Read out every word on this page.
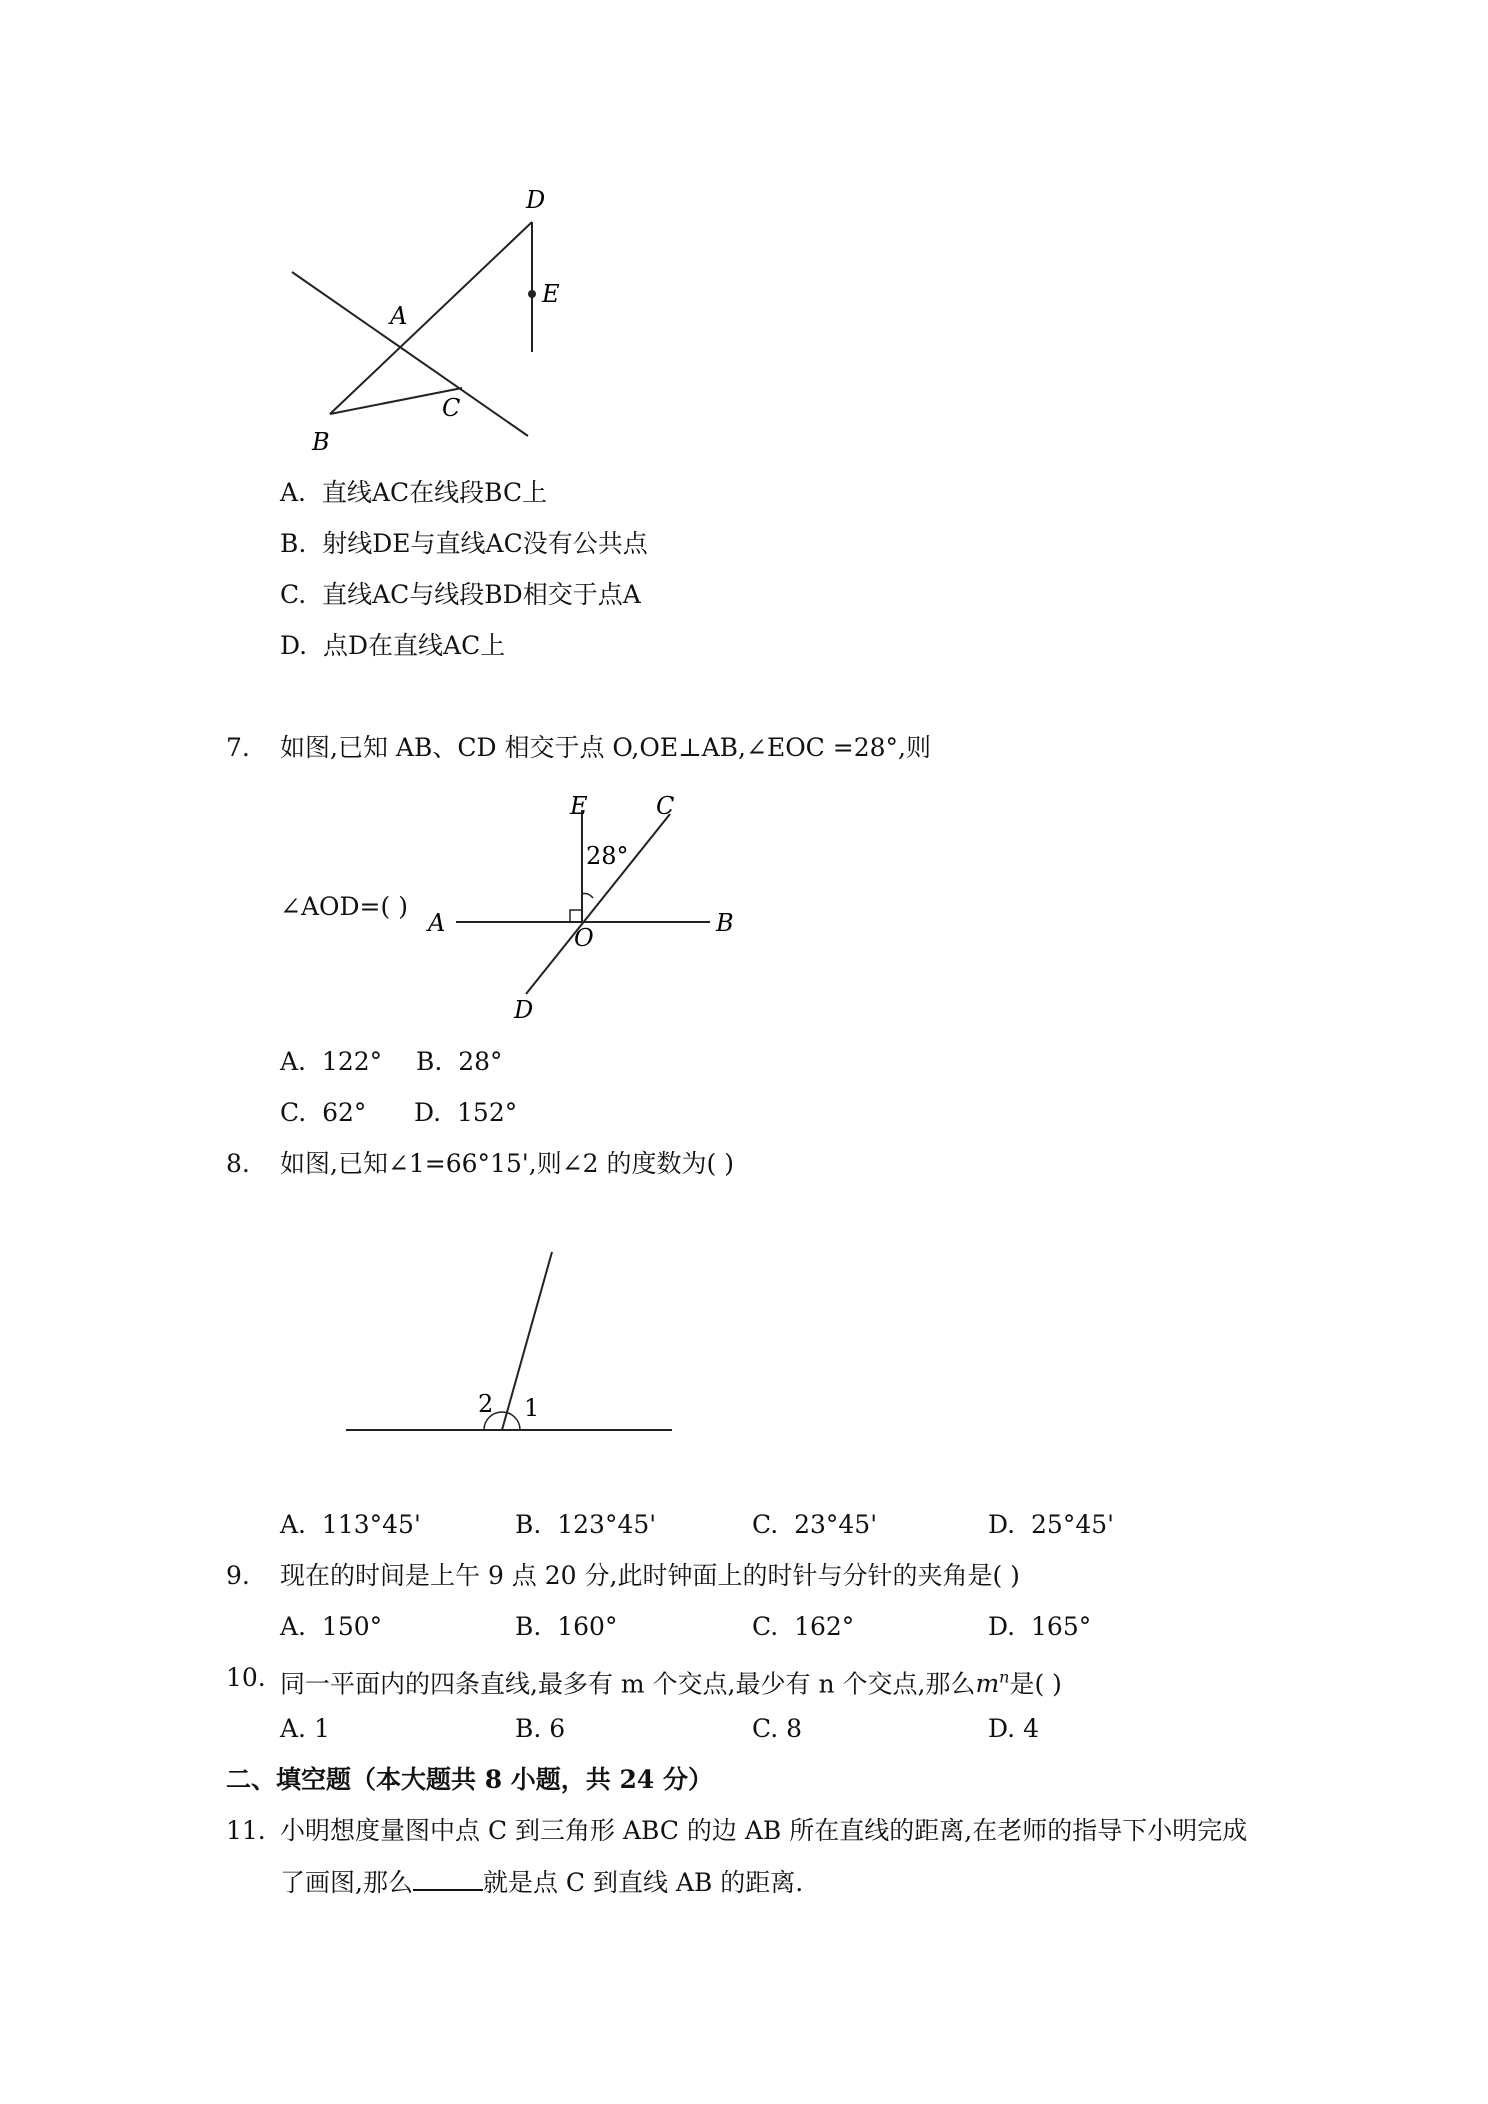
D
E
A
B
C
A. 直线AC在线段BC上
B. 射线DE与直线AC没有公共点
C. 直线AC与线段BD相交于点A
D. 点D在直线AC上
7. 如图,已知 AB、CD 相交于点 O,OE⊥AB,∠EOC =28°,则
∠AOD=( )
E	C
28°
A	B
O
D
A. 122° B. 28°
C. 62° D. 152°
8. 如图,已知∠1=66°15',则∠2 的度数为( )
2 1
A. 113°45'	B. 123°45'	C. 23°45'	D. 25°45'
9. 现在的时间是上午 9 点 20 分,此时钟面上的时针与分针的夹角是( )
A. 150°	B. 160°	C. 162°	D. 165°
10. 同一平面内的四条直线,最多有 m 个交点,最少有 n 个交点,那么$m^n$是( )
A. 1	B. 6	C. 8	D. 4
二、填空题（本大题共 8 小题，共 24 分）
11. 小明想度量图中点 C 到三角形 ABC 的边 AB 所在直线的距离,在老师的指导下小明完成
了画图,那么	就是点 C 到直线 AB 的距离.
